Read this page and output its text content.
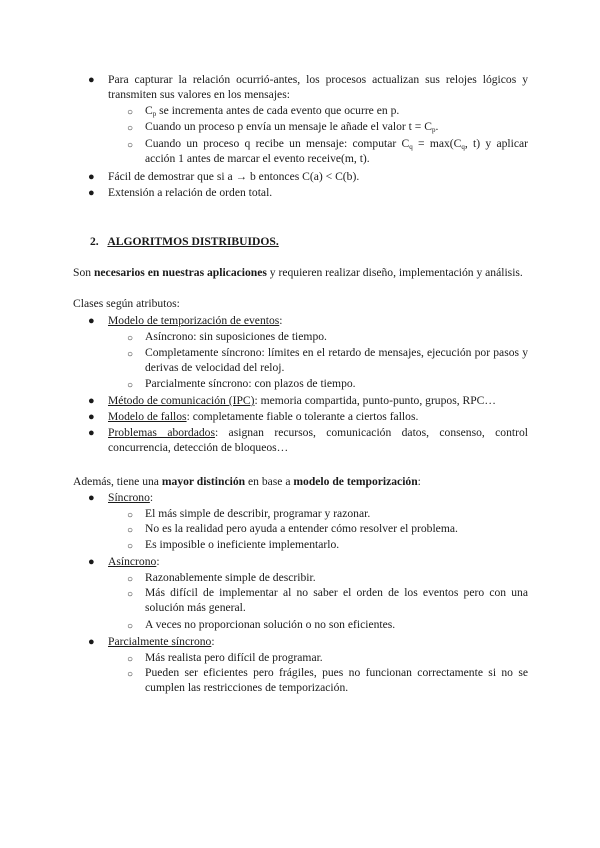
● Para capturar la relación ocurrió-antes, los procesos actualizan sus relojes lógicos y transmiten sus valores en los mensajes:
○ $C_p$ se incrementa antes de cada evento que ocurre en p.
○ Cuando un proceso p envía un mensaje le añade el valor $t = C_p$.
○ Cuando un proceso q recibe un mensaje: computar $C_q = \max(C_q$, t) y aplicar acción 1 antes de marcar el evento receive(m, t).
● Fácil de demostrar que si a → b entonces C(a) < C(b).
● Extensión a relación de orden total.
2. ALGORITMOS DISTRIBUIDOS.
Son necesarios en nuestras aplicaciones y requieren realizar diseño, implementación y análisis.
Clases según atributos:
● Modelo de temporización de eventos:
○ Asíncrono: sin suposiciones de tiempo.
○ Completamente síncrono: límites en el retardo de mensajes, ejecución por pasos y derivas de velocidad del reloj.
○ Parcialmente síncrono: con plazos de tiempo.
● Método de comunicación (IPC): memoria compartida, punto-punto, grupos, RPC…
● Modelo de fallos: completamente fiable o tolerante a ciertos fallos.
● Problemas abordados: asignan recursos, comunicación datos, consenso, control concurrencia, detección de bloqueos…
Además, tiene una mayor distinción en base a modelo de temporización:
● Síncrono:
○ El más simple de describir, programar y razonar.
○ No es la realidad pero ayuda a entender cómo resolver el problema.
○ Es imposible o ineficiente implementarlo.
● Asíncrono:
○ Razonablemente simple de describir.
○ Más difícil de implementar al no saber el orden de los eventos pero con una solución más general.
○ A veces no proporcionan solución o no son eficientes.
● Parcialmente síncrono:
○ Más realista pero difícil de programar.
○ Pueden ser eficientes pero frágiles, pues no funcionan correctamente si no se cumplen las restricciones de temporización.
